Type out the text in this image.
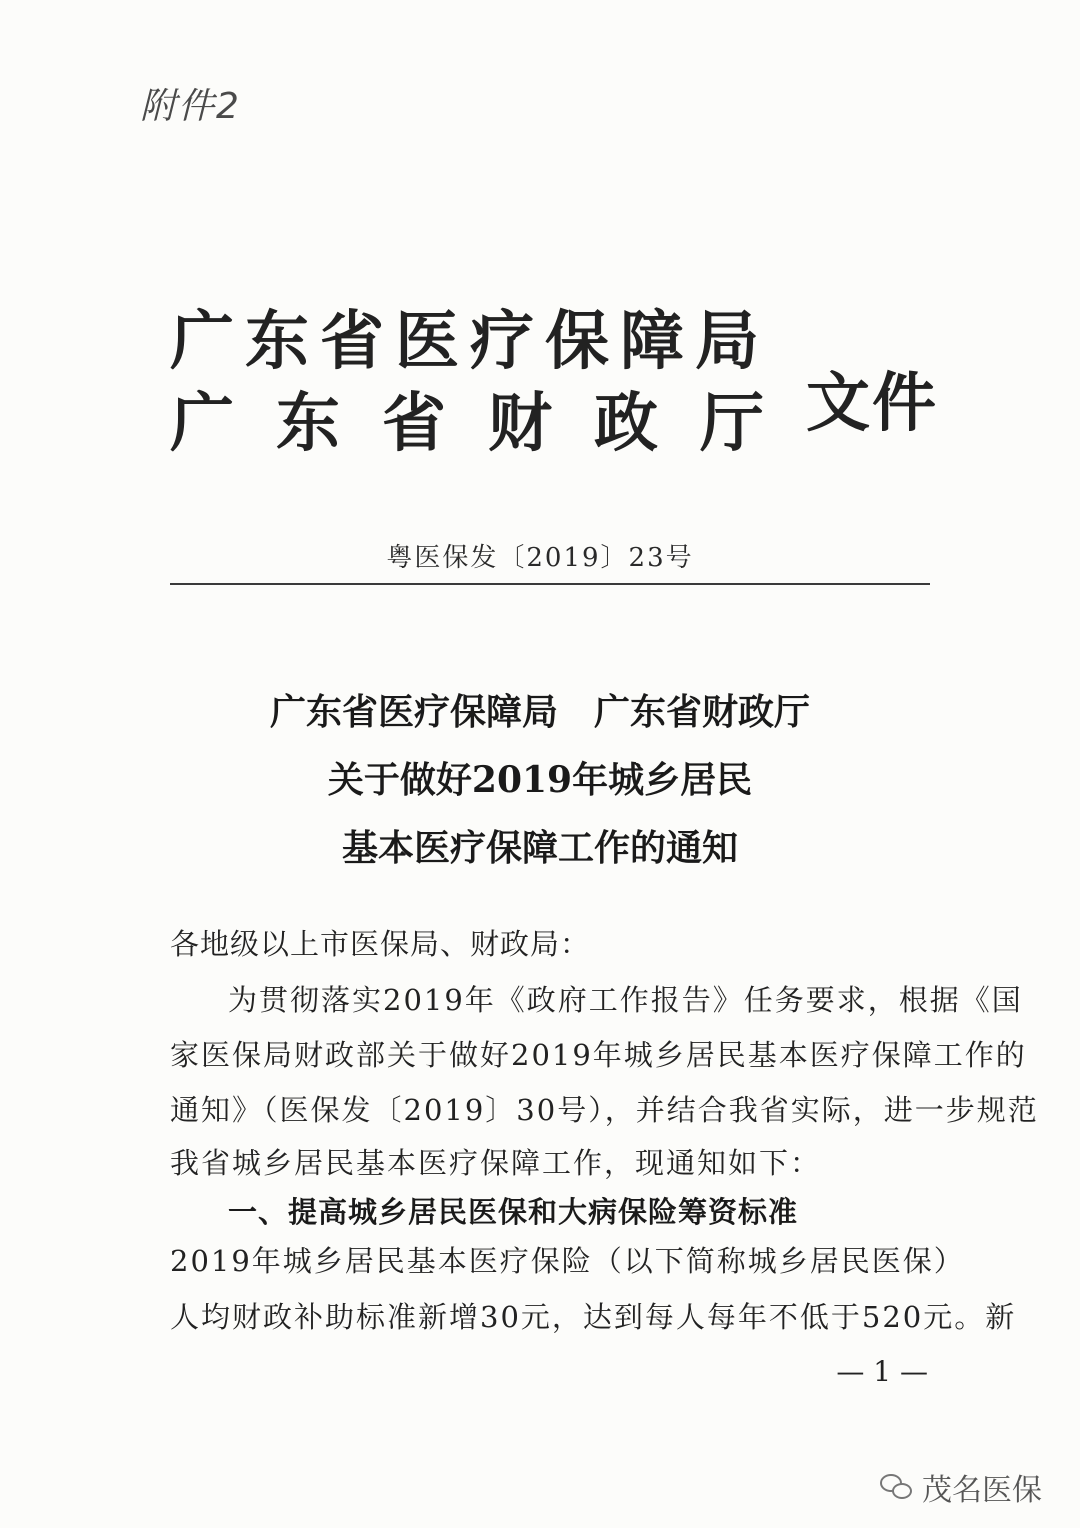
附件2
广东省医疗保障局
广东省财政厅 文件
粤医保发〔2019〕23号
广东省医疗保障局　广东省财政厅
关于做好2019年城乡居民
基本医疗保障工作的通知
各地级以上市医保局、财政局：
为贯彻落实2019年《政府工作报告》任务要求，根据《国
家医保局财政部关于做好2019年城乡居民基本医疗保障工作的
通知》（医保发〔2019〕30号），并结合我省实际，进一步规范
我省城乡居民基本医疗保障工作，现通知如下：
一、提高城乡居民医保和大病保险筹资标准
2019年城乡居民基本医疗保险（以下简称城乡居民医保）
人均财政补助标准新增30元，达到每人每年不低于520元。新
— 1 —
茂名医保
